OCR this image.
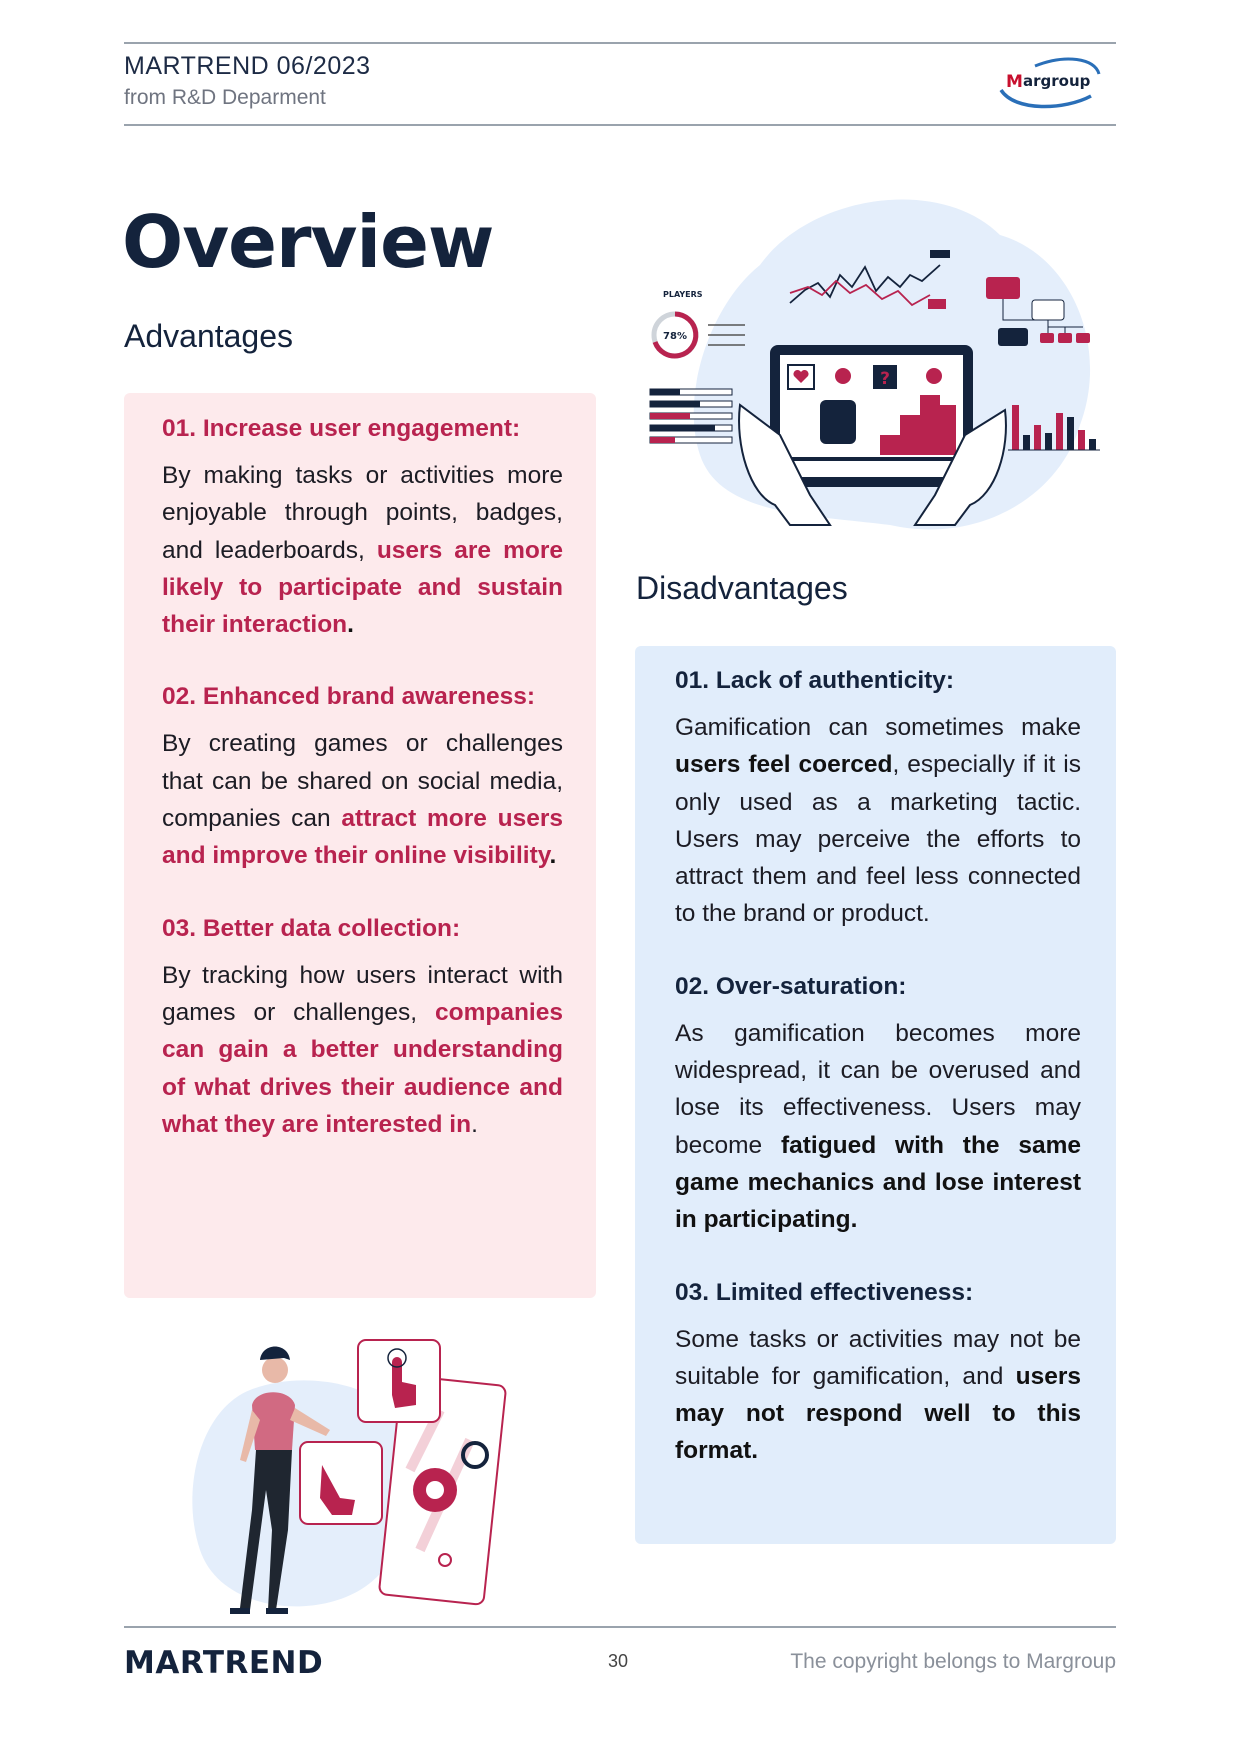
MARTREND 06/2023
from R&D Deparment
M argroup
Overview
Advantages

01. Increase user engagement:

By making tasks or activities more enjoyable through points, badges, and leaderboards, users are more likely to participate and sustain their interaction.

02. Enhanced brand awareness:

By creating games or challenges that can be shared on social media, companies can attract more users and improve their online visibility.

03. Better data collection:

By tracking how users interact with games or challenges, companies can gain a better understanding of what drives their audience and what they are interested in.

Disadvantages

01. Lack of authenticity:

Gamification can sometimes make users feel coerced, especially if it is only used as a marketing tactic. Users may perceive the efforts to attract them and feel less connected to the brand or product.

02. Over-saturation:

As gamification becomes more widespread, it can be overused and lose its effectiveness. Users may become fatigued with the same game mechanics and lose interest in participating.

03. Limited effectiveness:

Some tasks or activities may not be suitable for gamification, and users may not respond well to this format.

PLAYERS
78%
?
MARTREND	30	The copyright belongs to Margroup
